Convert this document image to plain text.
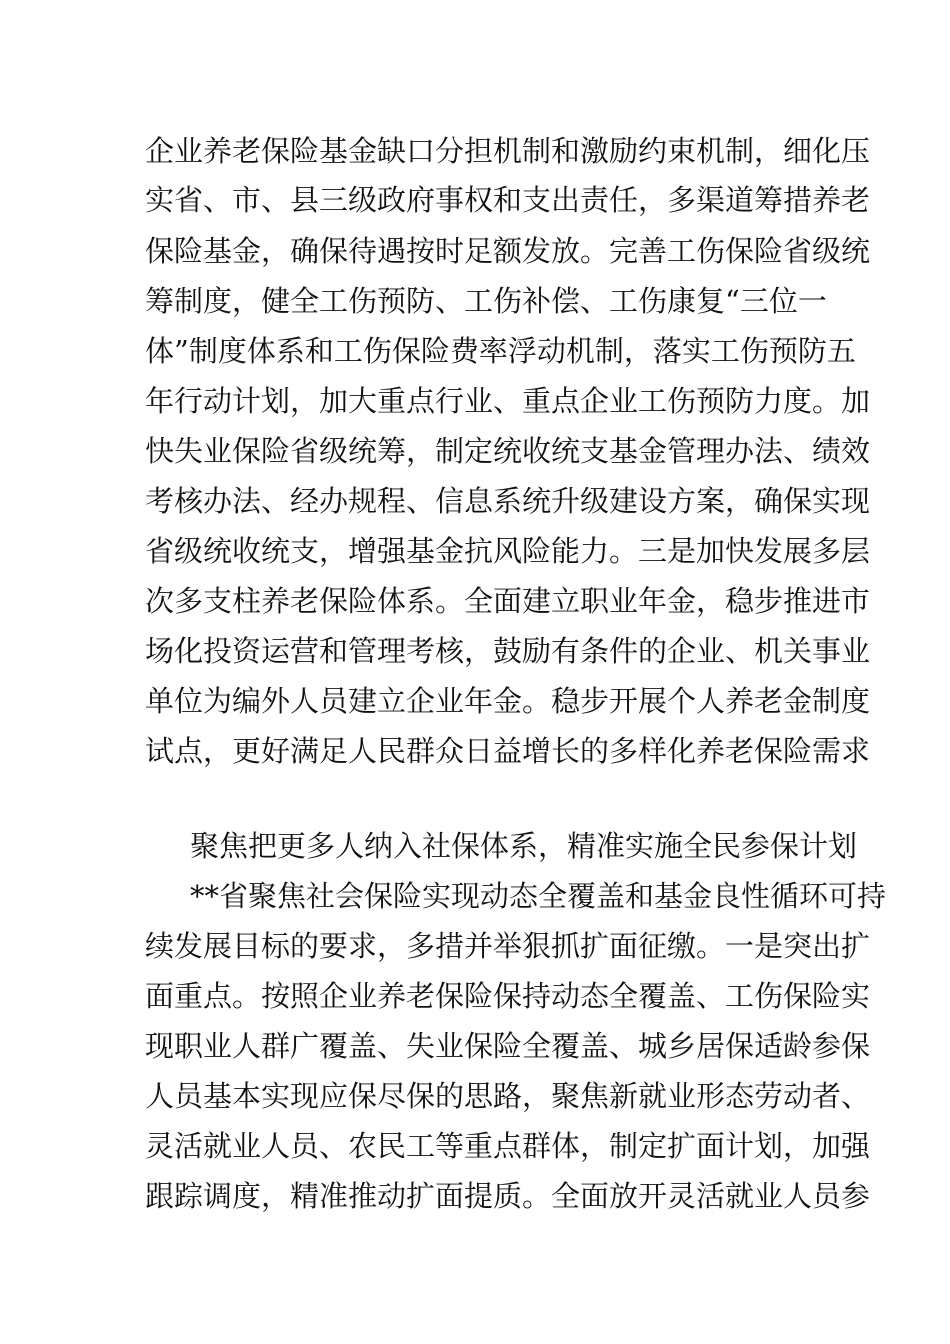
企业养老保险基金缺口分担机制和激励约束机制，细化压
实省、市、县三级政府事权和支出责任，多渠道筹措养老
保险基金，确保待遇按时足额发放。完善工伤保险省级统
筹制度，健全工伤预防、工伤补偿、工伤康复“三位一
体”制度体系和工伤保险费率浮动机制，落实工伤预防五
年行动计划，加大重点行业、重点企业工伤预防力度。加
快失业保险省级统筹，制定统收统支基金管理办法、绩效
考核办法、经办规程、信息系统升级建设方案，确保实现
省级统收统支，增强基金抗风险能力。三是加快发展多层
次多支柱养老保险体系。全面建立职业年金，稳步推进市
场化投资运营和管理考核，鼓励有条件的企业、机关事业
单位为编外人员建立企业年金。稳步开展个人养老金制度
试点，更好满足人民群众日益增长的多样化养老保险需求
聚焦把更多人纳入社保体系，精准实施全民参保计划
**省聚焦社会保险实现动态全覆盖和基金良性循环可持
续发展目标的要求，多措并举狠抓扩面征缴。一是突出扩
面重点。按照企业养老保险保持动态全覆盖、工伤保险实
现职业人群广覆盖、失业保险全覆盖、城乡居保适龄参保
人员基本实现应保尽保的思路，聚焦新就业形态劳动者、
灵活就业人员、农民工等重点群体，制定扩面计划，加强
跟踪调度，精准推动扩面提质。全面放开灵活就业人员参
